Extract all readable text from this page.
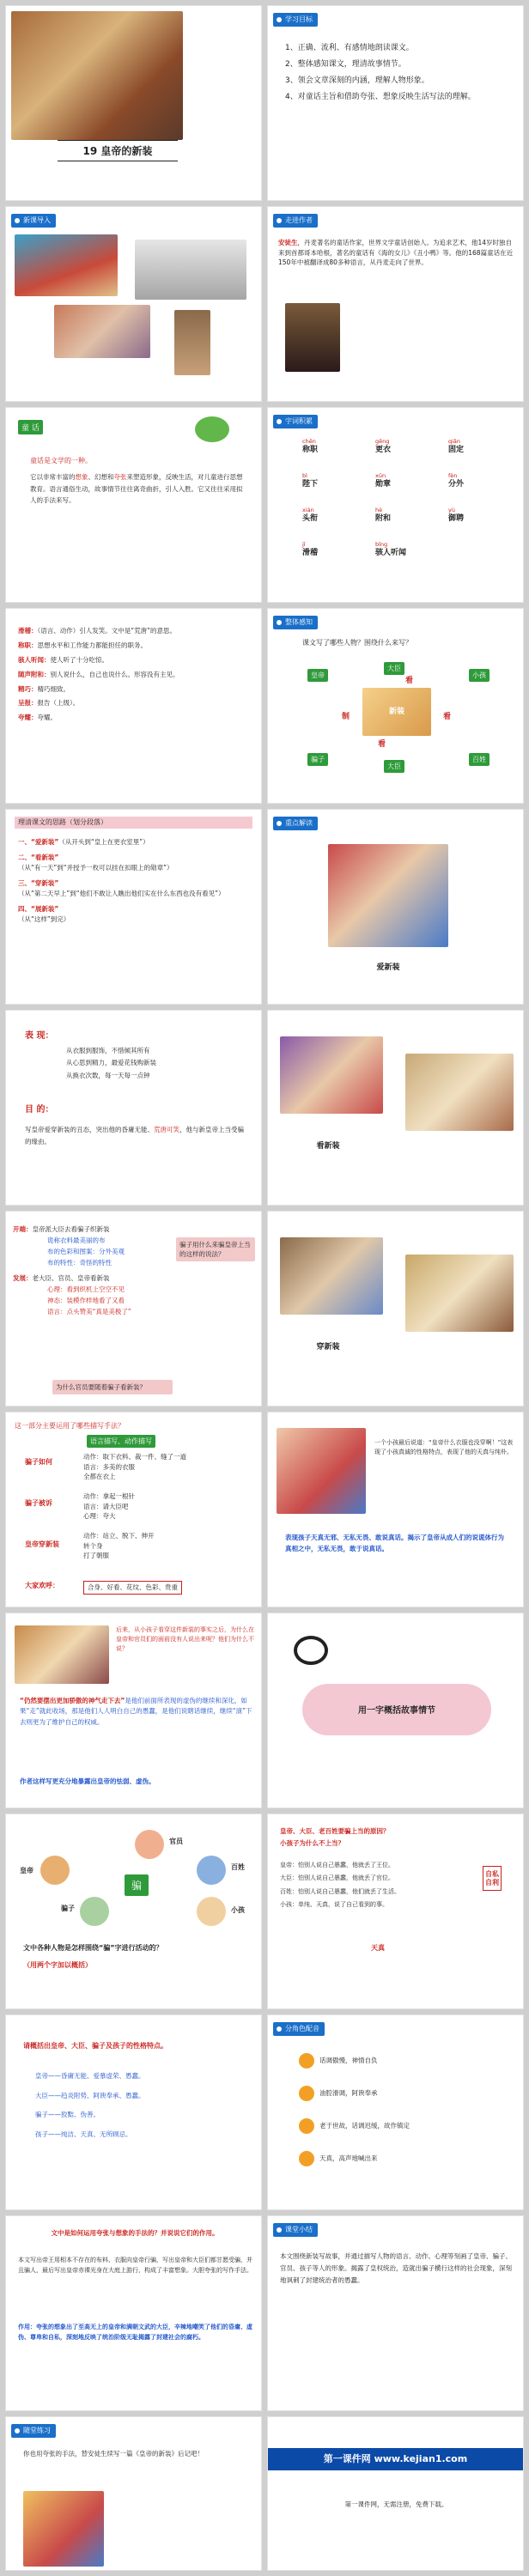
19 皇帝的新装
学习目标
1、正确、流利、有感情地朗读课文。
2、整体感知课文，理清故事情节。
3、领会文章深刻的内涵，理解人物形象。
4、对童话主旨和借助夸张、想象反映生活写法的理解。
新课导入	走进作者
安徒生，丹麦著名的童话作家，世界文学童话创始人。为追求艺术，他14岁时独自来到首都哥本哈根，著名的童话有《海的女儿》《丑小鸭》等。他的168篇童话在近150年中被翻译成80多种语言，从丹麦走向了世界。
童 话
童话是文学的一种。
它以非常丰富的想象、幻想和夸张来塑造形象，反映生活，对儿童进行思想教育。语言通俗生动，故事情节往往离奇曲折，引人入胜。它又往往采用拟人的手法来写。
字词积累
chēn
称职
gēng
更衣
qiǎn
固定
bì
陛下
xūn
勋章
fèn
分外
xián
头衔
hè
附和
yù
御聘
jī
滑稽
bǐng
骇人听闻
滑稽：（语言、动作）引人发笑。文中是“荒唐”的意思。
称职：思想水平和工作能力都能担任的职务。
骇人听闻：使人听了十分吃惊。
随声附和：别人说什么，自己也说什么。形容没有主见。
精巧：精巧细致。
呈报：报告（上级）。
夸耀：夸耀。
整体感知
课文写了哪些人物？围绕什么来写？
新装
皇帝
大臣
小孩
骗子
大臣
百姓
制
看
看
看
理清课文的思路（划分段落）
一、“爱新装”（从开头到“皇上在更衣室里”）
二、“看新装”
（从“有一天”到“并授予一枚可以挂在扣眼上的勋章”）
三、“穿新装”
（从“第二天早上”到“他们不敢让人瞧出他们实在什么东西也没有看见”）
四、“展新装”
（从“这样”到完）
重点解读
爱新装
表 现：
从衣服到服饰，不惜倾其所有
从心思到精力，最爱花钱购新装
从换衣次数，每一天每一点钟
目 的：
写皇帝爱穿新装的丑态，突出他的昏庸无能、荒唐可笑，他与新皇帝上当受骗的缘由。
看新装
开端：皇帝派大臣去看骗子织新装
诡称衣料最美丽的布
布的色彩和图案：分外美观
布的特性：奇怪的特性
发展：老大臣、官员、皇帝看新装
心理：看到织机上空空不见
神态：装模作样地看了又看
语言：点头赞美“真是美极了”
骗子用什么来骗皇帝上当的这样的说法？
为什么官员要随着骗子看新装？
穿新装
这一部分主要运用了哪些描写手法？
语言描写、动作描写
骗子如何
动作：取下衣料、裁一件、缝了一道
语言：多美的衣服
全都在衣上
骗子被诉
动作：拿起一根针
语言：请大臣吧
心理：夸大
皇帝穿新装
动作：站立、脱下、伸开
转个身
打了朝服
大家欢呼：	合身、好看、花纹、色彩、贵重
一个小孩最后说道：“皇帝什么衣服也没穿啊！”这表现了小孩真诚的性格特点，表现了他的天真与纯朴。
表现孩子天真无邪、无私无畏、敢说真话。揭示了皇帝从成人们的说谎体行为真相之中，无私无畏，敢于说真话。
后来，从小孩子看穿这件新装的事实之后，为什么在皇帝和官员们的面前没有人说出来呢？他们为什么不说？
“仍然要摆出更加骄傲的神气走下去”是他们前面所表现的虚伪的继续和深化，如果“走”就此收场，那是他们人人明白自己的愚蠢，是他们说瞎话继续，继续“演”下去则更为了维护自己的权威。
作者这样写更充分地暴露出皇帝的怯弱、虚伪。
用一字概括故事情节
官员
皇帝	百姓
小孩
骗子
骗
文中各种人物是怎样围绕“骗”字进行活动的？
（用两个字加以概括）
皇帝、大臣、老百姓要骗上当的原因？
小孩子为什么不上当？
皇帝：怕别人说自己愚蠢，他就丢了王位。
大臣：怕别人说自己愚蠢，他就丢了官位。
百姓：怕别人说自己愚蠢，他们就丢了生活。
小孩：单纯、天真，说了自己看到的事。
自私自利
天真
请概括出皇帝、大臣、骗子及孩子的性格特点。
皇帝——昏庸无能、爱慕虚荣、愚蠢。
大臣——趋炎附势、阿谀奉承、愚蠢。
骗子——狡黠、伪善。
孩子——纯洁、天真、无所顾忌。
分角色配音
话调傲慢，神情自负
油腔滑调，阿谀奉承
老于世故，话调迟缓，故作镇定
天真，高声地喊出来
文中是如何运用夸张与想象的手法的？并说说它们的作用。
本文写出帝王用相本不存在的布料、衣服向皇帝行骗，写出皇帝和大臣们都甘愿受骗，并且骗人，最后写出皇帝赤裸光身在大庭上游行，构成了丰富想象。大胆夸张的写作手法。
作用：夸张的想象出了至高无上的皇帝和满朝文武的大臣，辛辣地嘲笑了他们的昏庸、虚伪、尊卑和自私，深刻地反映了统治阶级无耻揭露了封建社会的腐朽。
课堂小结
本文围绕新装写故事，并通过描写人物的语言、动作、心理等刻画了皇帝、骗子、官员、孩子等人的形象。揭露了皇权统治，造就出骗子横行这样的社会现象，深刻地讽刺了封建统治者的愚蠢。
随堂练习
你也用夸张的手法，替安徒生续写一篇《皇帝的新装》后记吧！	第一课件网 www.kejian1.com
第一课件网，无需注册，免费下载。
